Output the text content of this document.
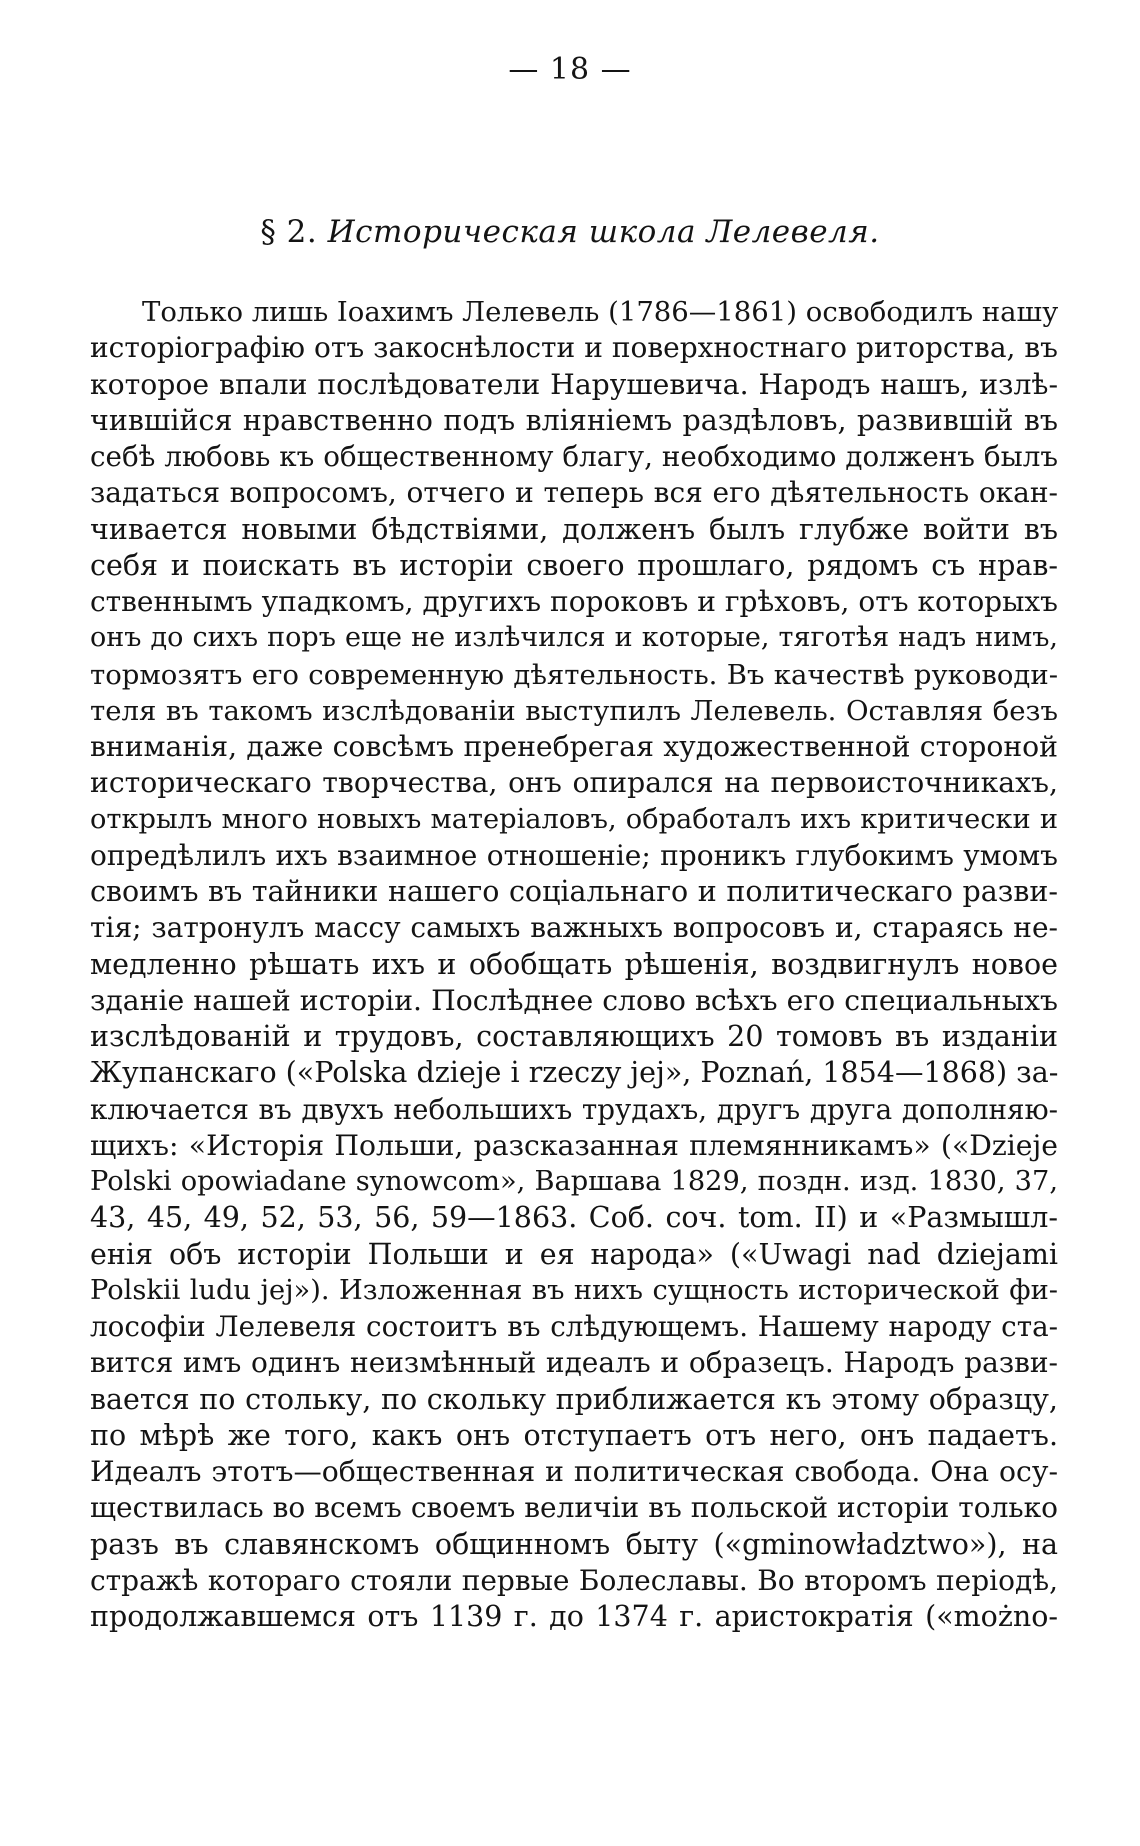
— 18 —
§ 2. Историческая школа Лелевеля.
Только лишь Іоахимъ Лелевель (1786—1861) освободилъ нашу
исторіографію отъ закоснѣлости и поверхностнаго риторства, въ
которое впали послѣдователи Нарушевича. Народъ нашъ, излѣ-
чившійся нравственно подъ вліяніемъ раздѣловъ, развившій въ
себѣ любовь къ общественному благу, необходимо долженъ былъ
задаться вопросомъ, отчего и теперь вся его дѣятельность окан-
чивается новыми бѣдствіями, долженъ былъ глубже войти въ
себя и поискать въ исторіи своего прошлаго, рядомъ съ нрав-
ственнымъ упадкомъ, другихъ пороковъ и грѣховъ, отъ которыхъ
онъ до сихъ поръ еще не излѣчился и которые, тяготѣя надъ нимъ,
тормозятъ его современную дѣятельность. Въ качествѣ руководи-
теля въ такомъ изслѣдованіи выступилъ Лелевель. Оставляя безъ
вниманія, даже совсѣмъ пренебрегая художественной стороной
историческаго творчества, онъ опирался на первоисточникахъ,
открылъ много новыхъ матеріаловъ, обработалъ ихъ критически и
опредѣлилъ ихъ взаимное отношеніе; проникъ глубокимъ умомъ
своимъ въ тайники нашего соціальнаго и политическаго разви-
тія; затронулъ массу самыхъ важныхъ вопросовъ и, стараясь не-
медленно рѣшать ихъ и обобщать рѣшенія, воздвигнулъ новое
зданіе нашей исторіи. Послѣднее слово всѣхъ его специальныхъ
изслѣдованій и трудовъ, составляющихъ 20 томовъ въ изданіи
Жупанскаго («Polska dzieje i rzeczy jej», Poznań, 1854—1868) за-
ключается въ двухъ небольшихъ трудахъ, другъ друга дополняю-
щихъ: «Исторія Польши, разсказанная племянникамъ» («Dzieje
Polski opowiadane synowcom», Варшава 1829, поздн. изд. 1830, 37,
43, 45, 49, 52, 53, 56, 59—1863. Соб. соч. tom. II) и «Размышл-
енія объ исторіи Польши и ея народа» («Uwagi nad dziejami
Polskii ludu jej»). Изложенная въ нихъ сущность исторической фи-
лософіи Лелевеля состоитъ въ слѣдующемъ. Нашему народу ста-
вится имъ одинъ неизмѣнный идеалъ и образецъ. Народъ разви-
вается по стольку, по скольку приближается къ этому образцу,
по мѣрѣ же того, какъ онъ отступаетъ отъ него, онъ падаетъ.
Идеалъ этотъ—общественная и политическая свобода. Она осу-
ществилась во всемъ своемъ величіи въ польской исторіи только
разъ въ славянскомъ общинномъ быту («gminowładztwo»), на
стражѣ котораго стояли первые Болеславы. Во второмъ періодѣ,
продолжавшемся отъ 1139 г. до 1374 г. аристократія («możno-
